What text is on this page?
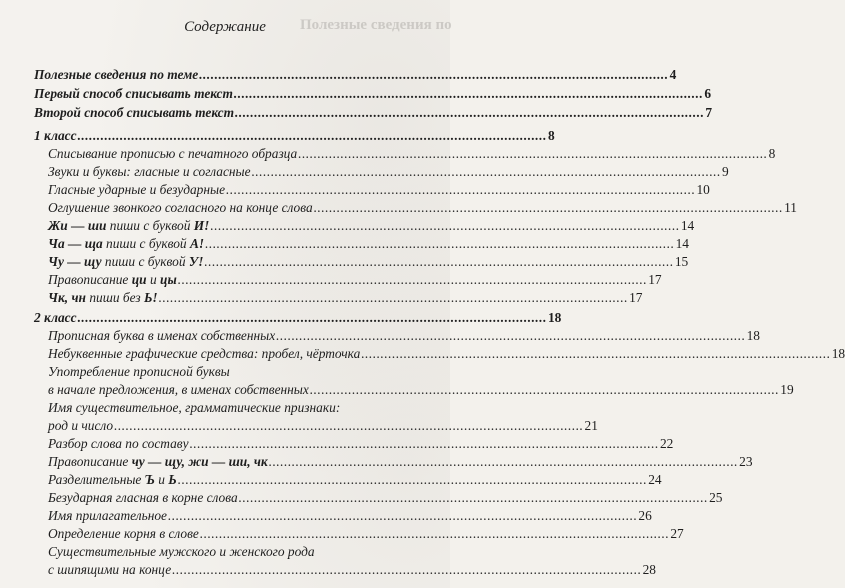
Полезные сведения по
Содержание
Полезные сведения по теме .......................................................................................................................... 4
Первый способ списывать текст .......................................................................................................................... 6
Второй способ списывать текст .......................................................................................................................... 7
1 класс .......................................................................................................................... 8
Списывание прописью с печатного образца .......................................................................................................................... 8
Звуки и буквы: гласные и согласные .......................................................................................................................... 9
Гласные ударные и безударные .......................................................................................................................... 10
Оглушение звонкого согласного на конце слова .......................................................................................................................... 11
Жи — ши пиши с буквой И! .......................................................................................................................... 14
Ча — ща пиши с буквой А! .......................................................................................................................... 14
Чу — щу пиши с буквой У! .......................................................................................................................... 15
Правописание ци и цы .......................................................................................................................... 17
Чк, чн пиши без Ь! .......................................................................................................................... 17
2 класс .......................................................................................................................... 18
Прописная буква в именах собственных .......................................................................................................................... 18
Небуквенные графические средства: пробел, чёрточка .......................................................................................................................... 18
Употребление прописной буквы
в начале предложения, в именах собственных .......................................................................................................................... 19
Имя существительное, грамматические признаки:
род и число .......................................................................................................................... 21
Разбор слова по составу .......................................................................................................................... 22
Правописание чу — щу, жи — ши, чк .......................................................................................................................... 23
Разделительные Ъ и Ь .......................................................................................................................... 24
Безударная гласная в корне слова .......................................................................................................................... 25
Имя прилагательное .......................................................................................................................... 26
Определение корня в слове .......................................................................................................................... 27
Существительные мужского и женского рода
с шипящими на конце .......................................................................................................................... 28
